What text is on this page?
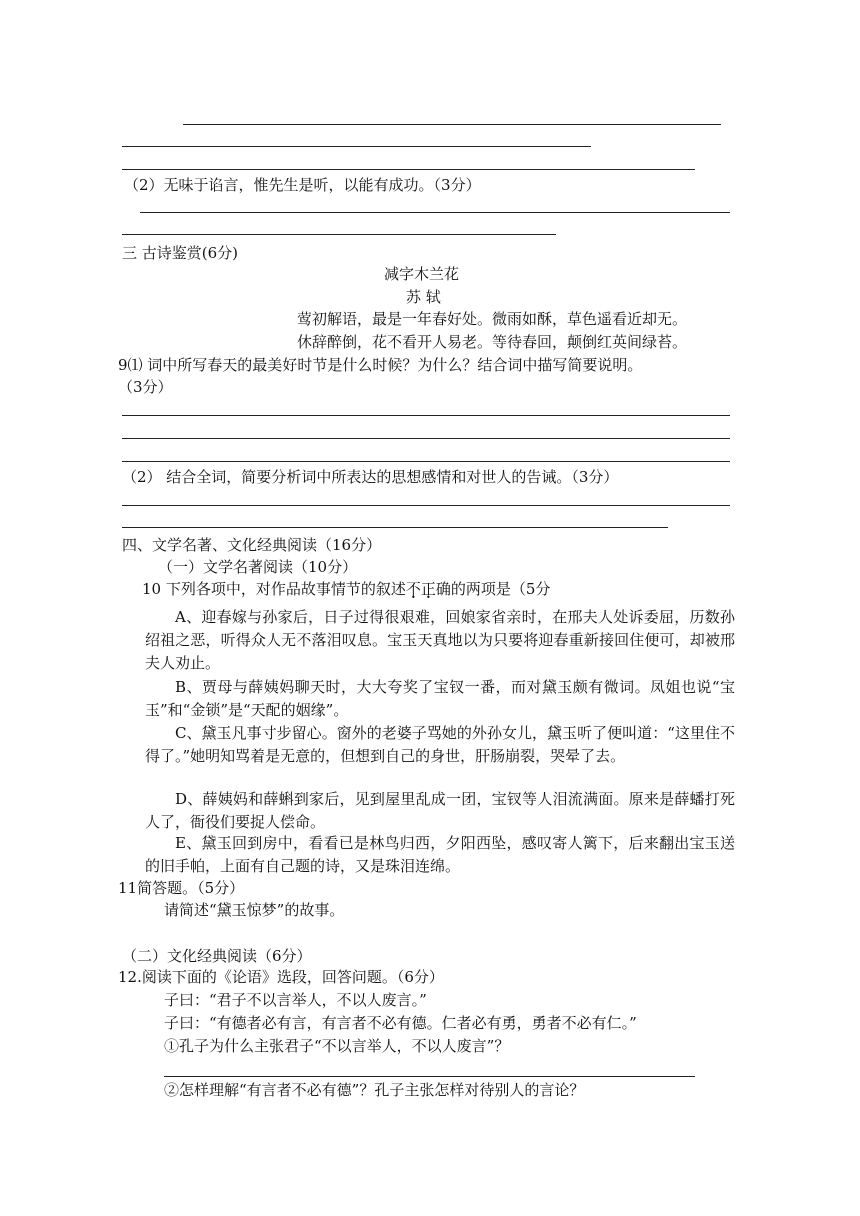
（2）无味于谄言，惟先生是听，以能有成功。（3分）
三 古诗鉴赏(6分)
减字木兰花
苏 轼
莺初解语，最是一年春好处。微雨如酥，草色遥看近却无。
休辞醉倒，花不看开人易老。等待春回，颠倒红英间绿苔。
9⑴ 词中所写春天的最美好时节是什么时候？为什么？结合词中描写简要说明。
（3分）
（2） 结合全词，简要分析词中所表达的思想感情和对世人的告诫。（3分）
四、文学名著、文化经典阅读（16分）
（一）文学名著阅读（10分）
10 下列各项中，对作品故事情节的叙述不正确的两项是（5分
A、迎春嫁与孙家后，日子过得很艰难，回娘家省亲时，在邢夫人处诉委屈，历数孙绍祖之恶，听得众人无不落泪叹息。宝玉天真地以为只要将迎春重新接回住便可，却被邢夫人劝止。
B、贾母与薛姨妈聊天时，大大夸奖了宝钗一番，而对黛玉颇有微词。凤姐也说“宝玉”和“金锁”是“天配的姻缘”。
C、黛玉凡事寸步留心。窗外的老婆子骂她的外孙女儿，黛玉听了便叫道：“这里住不得了。”她明知骂着是无意的，但想到自己的身世，肝肠崩裂，哭晕了去。
D、薛姨妈和薛蝌到家后，见到屋里乱成一团，宝钗等人泪流满面。原来是薛蟠打死人了，衙役们要捉人偿命。
E、黛玉回到房中，看看已是林鸟归西，夕阳西坠，感叹寄人篱下，后来翻出宝玉送的旧手帕，上面有自己题的诗，又是珠泪连绵。
11简答题。（5分）
请简述“黛玉惊梦”的故事。
（二）文化经典阅读（6分）
12.阅读下面的《论语》选段，回答问题。（6分）
子曰：“君子不以言举人，不以人废言。”
子曰：“有德者必有言，有言者不必有德。仁者必有勇，勇者不必有仁。”
①孔子为什么主张君子“不以言举人，不以人废言”？
②怎样理解“有言者不必有德”？孔子主张怎样对待别人的言论？
